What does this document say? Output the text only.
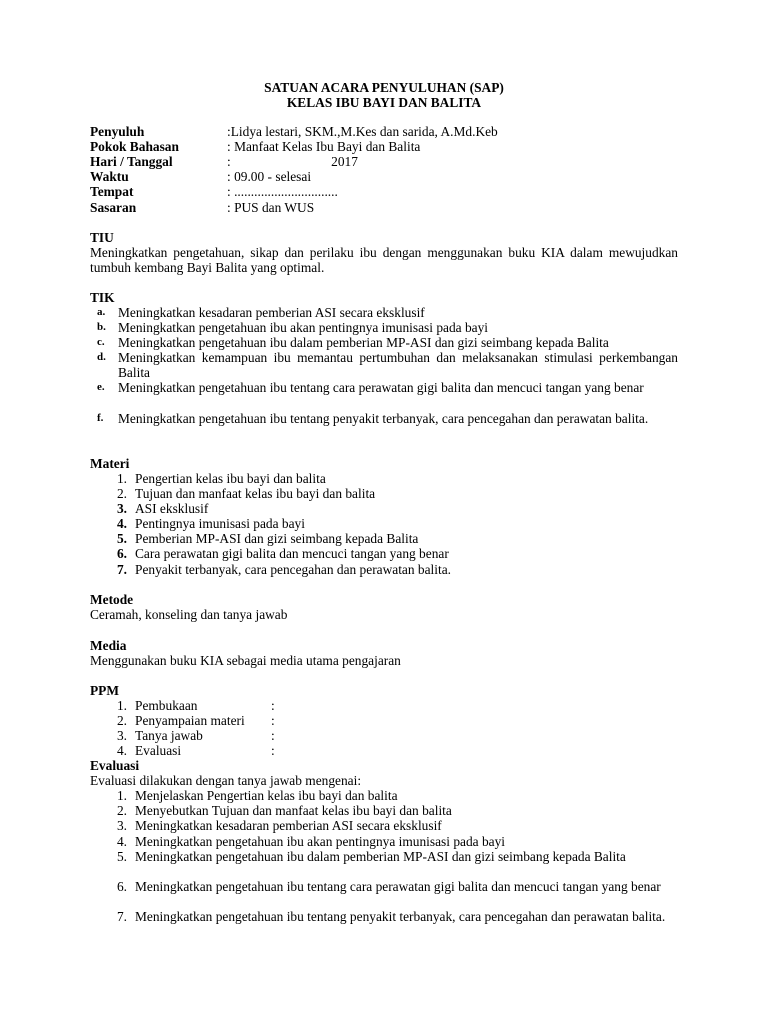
SATUAN ACARA PENYULUHAN (SAP)
KELAS IBU BAYI DAN BALITA
Penyuluh	:Lidya lestari, SKM.,M.Kes dan sarida, A.Md.Keb
Pokok Bahasan	: Manfaat Kelas Ibu Bayi dan Balita
Hari / Tanggal	:                              2017
Waktu	: 09.00 - selesai
Tempat	: ...............................
Sasaran	: PUS dan WUS
TIU
Meningkatkan pengetahuan, sikap dan perilaku ibu dengan menggunakan buku KIA dalam mewujudkan tumbuh kembang Bayi Balita yang optimal.
TIK
a. Meningkatkan kesadaran pemberian ASI secara eksklusif
b. Meningkatkan pengetahuan ibu akan pentingnya imunisasi pada bayi
c. Meningkatkan pengetahuan ibu dalam pemberian MP-ASI dan gizi seimbang kepada Balita
d. Meningkatkan kemampuan ibu memantau pertumbuhan dan melaksanakan stimulasi perkembangan Balita
e. Meningkatkan pengetahuan ibu tentang cara perawatan gigi balita dan mencuci tangan yang benar
f. Meningkatkan pengetahuan ibu tentang penyakit terbanyak, cara pencegahan dan perawatan balita.
Materi
1. Pengertian kelas ibu bayi dan balita
2. Tujuan dan manfaat kelas ibu bayi dan balita
3. ASI eksklusif
4. Pentingnya imunisasi pada bayi
5. Pemberian MP-ASI dan gizi seimbang kepada Balita
6. Cara perawatan gigi balita dan mencuci tangan yang benar
7. Penyakit terbanyak, cara pencegahan dan perawatan balita.
Metode
Ceramah, konseling dan tanya jawab
Media
Menggunakan buku KIA sebagai media utama pengajaran
PPM
1. Pembukaan	:
2. Penyampaian materi :
3. Tanya jawab	:
4. Evaluasi	:
Evaluasi
Evaluasi dilakukan dengan tanya jawab mengenai:
1. Menjelaskan Pengertian kelas ibu bayi dan balita
2. Menyebutkan Tujuan dan manfaat kelas ibu bayi dan balita
3. Meningkatkan kesadaran pemberian ASI secara eksklusif
4. Meningkatkan pengetahuan ibu akan pentingnya imunisasi pada bayi
5. Meningkatkan pengetahuan ibu dalam pemberian MP-ASI dan gizi seimbang kepada Balita
6. Meningkatkan pengetahuan ibu tentang cara perawatan gigi balita dan mencuci tangan yang benar
7. Meningkatkan pengetahuan ibu tentang penyakit terbanyak, cara pencegahan dan perawatan balita.
